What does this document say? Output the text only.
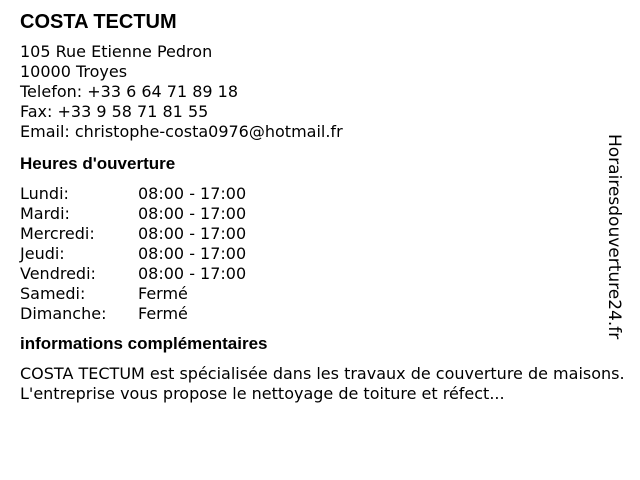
COSTA TECTUM
105 Rue Etienne Pedron
10000 Troyes
Telefon: +33 6 64 71 89 18
Fax: +33 9 58 71 81 55
Email: christophe-costa0976@hotmail.fr
Heures d'ouverture
Lundi:	08:00 - 17:00
Mardi:	08:00 - 17:00
Mercredi:	08:00 - 17:00
Jeudi:	08:00 - 17:00
Vendredi:	08:00 - 17:00
Samedi:	Fermé
Dimanche:	Fermé
informations complémentaires
COSTA TECTUM est spécialisée dans les travaux de couverture de maisons. L'entreprise vous propose le nettoyage de toiture et réfect...
Horairesdouverture24.fr
